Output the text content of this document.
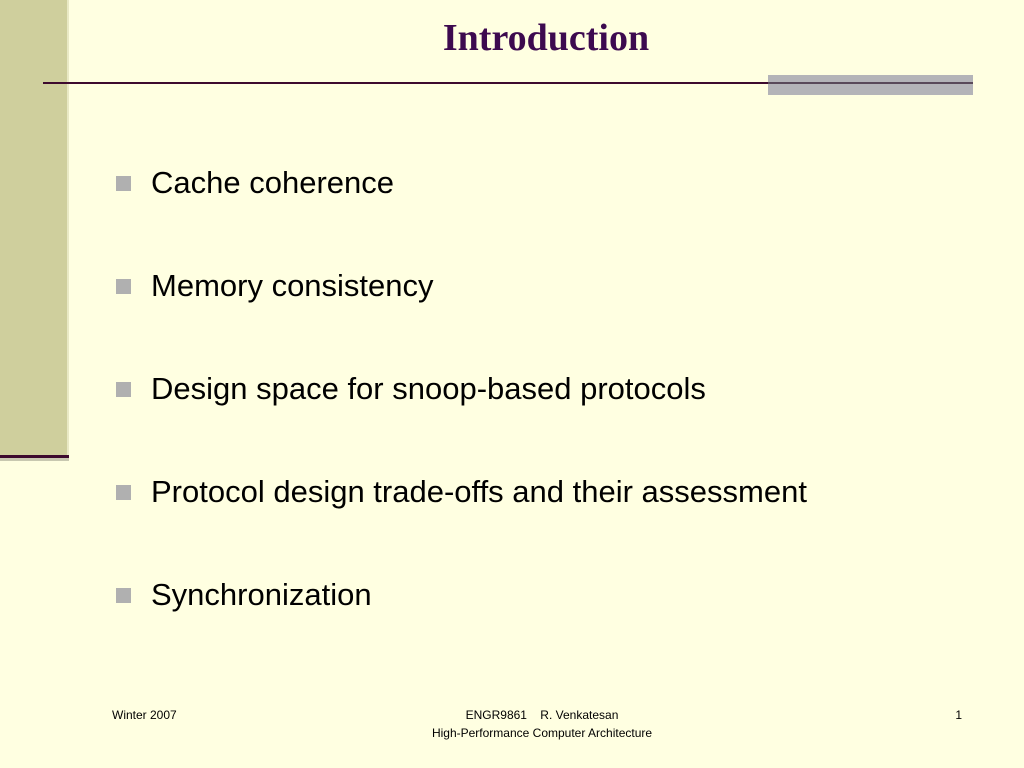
Introduction
Cache coherence
Memory consistency
Design space for snoop-based protocols
Protocol design trade-offs and their assessment
Synchronization
Winter 2007	ENGR9861    R. Venkatesan
High-Performance Computer Architecture
1
